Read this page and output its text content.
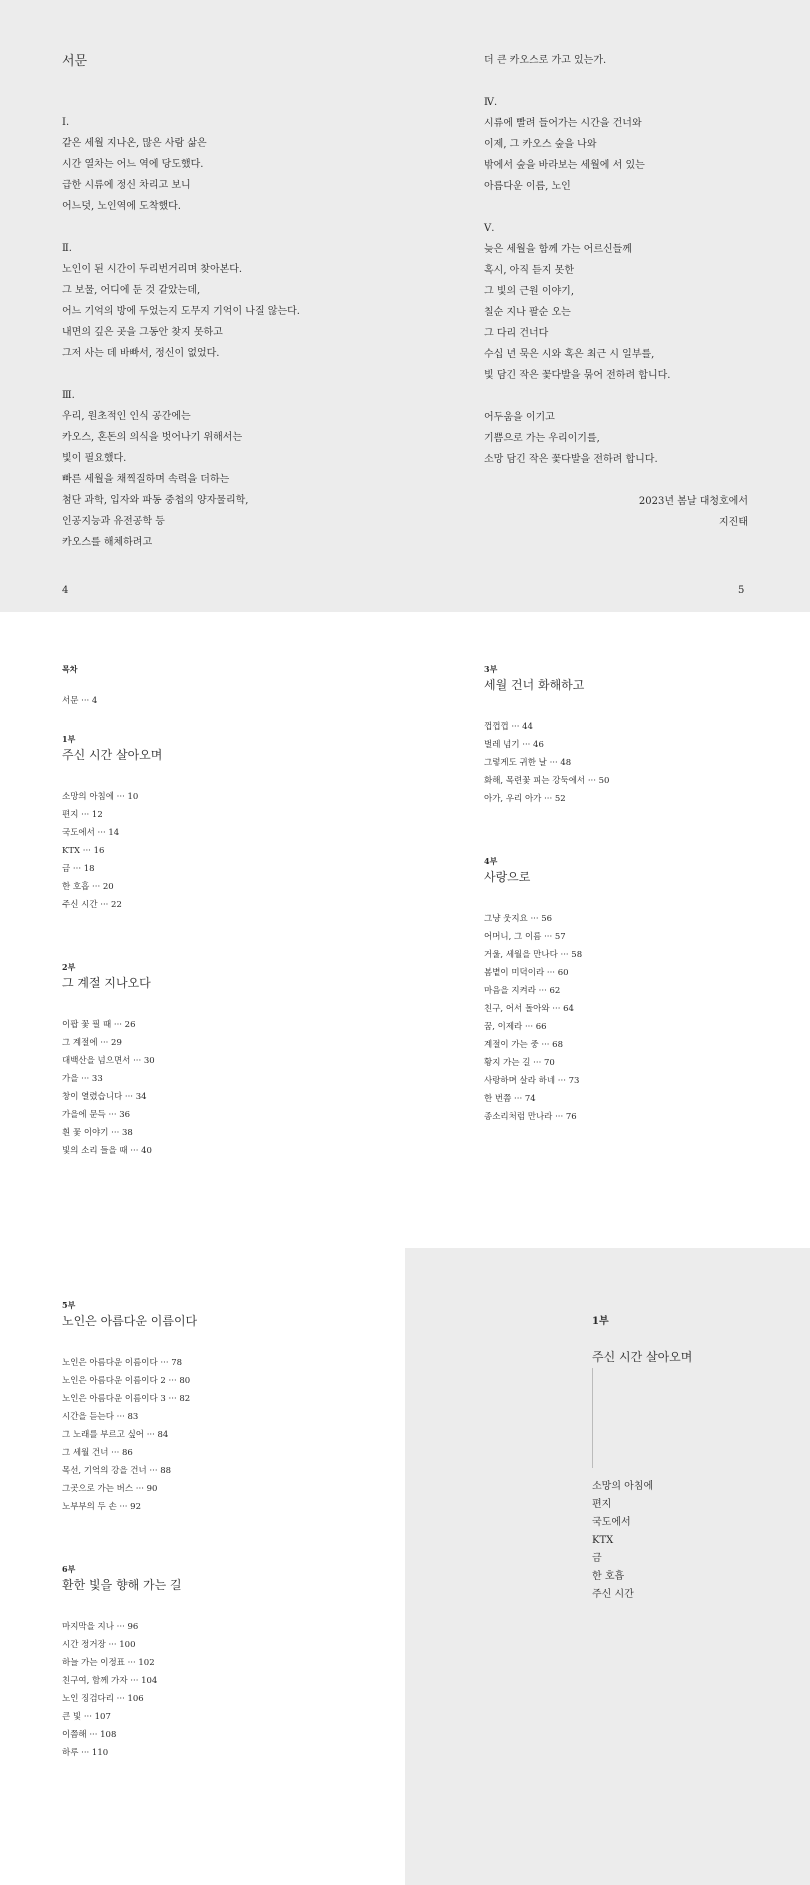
서문
Ⅰ.
같은 세월 지나온, 많은 사람 삶은
시간 열차는 어느 역에 당도했다.
급한 시류에 정신 차리고 보니
어느덧, 노인역에 도착했다.
Ⅱ.
노인이 된 시간이 두리번거리며 찾아본다.
그 보물, 어디에 둔 것 같았는데,
어느 기억의 방에 두었는지 도무지 기억이 나질 않는다.
내면의 깊은 곳을 그동안 찾지 못하고
그저 사는 데 바빠서, 정신이 없었다.
Ⅲ.
우리, 원초적인 인식 공간에는
카오스, 혼돈의 의식을 벗어나기 위해서는
빛이 필요했다.
빠른 세월을 채찍질하며 속력을 더하는
첨단 과학, 입자와 파동 중첩의 양자물리학,
인공지능과 유전공학 등
카오스를 해체하려고
더 큰 카오스로 가고 있는가.
Ⅳ.
시류에 빨려 들어가는 시간을 건너와
이제, 그 카오스 숲을 나와
밖에서 숲을 바라보는 세월에 서 있는
아름다운 이름, 노인
Ⅴ.
늦은 세월을 함께 가는 어르신들께
혹시, 아직 듣지 못한
그 빛의 근원 이야기,
칠순 지나 팔순 오는
그 다리 건너다
수십 년 묵은 시와 혹은 최근 시 일부를,
빛 담긴 작은 꽃다발을 묶어 전하려 합니다.
어두움을 이기고
기쁨으로 가는 우리이기를,
소망 담긴 작은 꽃다발을 전하려 합니다.
2023년 봄날 대청호에서
지진태
4	5
목차
서문 ··· 4
1부
주신 시간 살아오며
소망의 아침에 ··· 10
편지 ··· 12
국도에서 ··· 14
KTX ··· 16
금 ··· 18
한 호흡 ··· 20
주신 시간 ··· 22
2부
그 계절 지나오다
이팝 꽃 필 때 ··· 26
그 계절에 ··· 29
대백산을 넘으면서 ··· 30
가을 ··· 33
창이 열렸습니다 ··· 34
가을에 문득 ··· 36
흰 꽃 이야기 ··· 38
빛의 소리 들을 때 ··· 40
3부
세월 건너 화해하고
껍껍껍 ··· 44
벌레 넘기 ··· 46
그렇게도 귀한 날 ··· 48
화해, 목련꽃 피는 강둑에서 ··· 50
아가, 우리 아가 ··· 52
4부
사랑으로
그냥 웃지요 ··· 56
어머니, 그 이름 ··· 57
거울, 세월을 만나다 ··· 58
봄볕이 미덕이라 ··· 60
마음을 지켜라 ··· 62
친구, 어서 돌아와 ··· 64
꿈, 이제라 ··· 66
계절이 가는 중 ··· 68
황지 가는 길 ··· 70
사랑하며 살라 하네 ··· 73
한 번쯤 ··· 74
종소리처럼 만나라 ··· 76
5부
노인은 아름다운 이름이다
노인은 아름다운 이름이다 ··· 78
노인은 아름다운 이름이다 2 ··· 80
노인은 아름다운 이름이다 3 ··· 82
시간을 듣는다 ··· 83
그 노래를 부르고 싶어 ··· 84
그 세월 건너 ··· 86
목선, 기억의 강을 건너 ··· 88
그곳으로 가는 버스 ··· 90
노부부의 두 손 ··· 92
6부
환한 빛을 향해 가는 길
마지막을 지나 ··· 96
시간 정거장 ··· 100
하늘 가는 이정표 ··· 102
친구여, 함께 가자 ··· 104
노인 징검다리 ··· 106
큰 빛 ··· 107
이쯤해 ··· 108
하루 ··· 110
1부
주신 시간 살아오며
소망의 아침에
편지
국도에서
KTX
금
한 호흡
주신 시간
